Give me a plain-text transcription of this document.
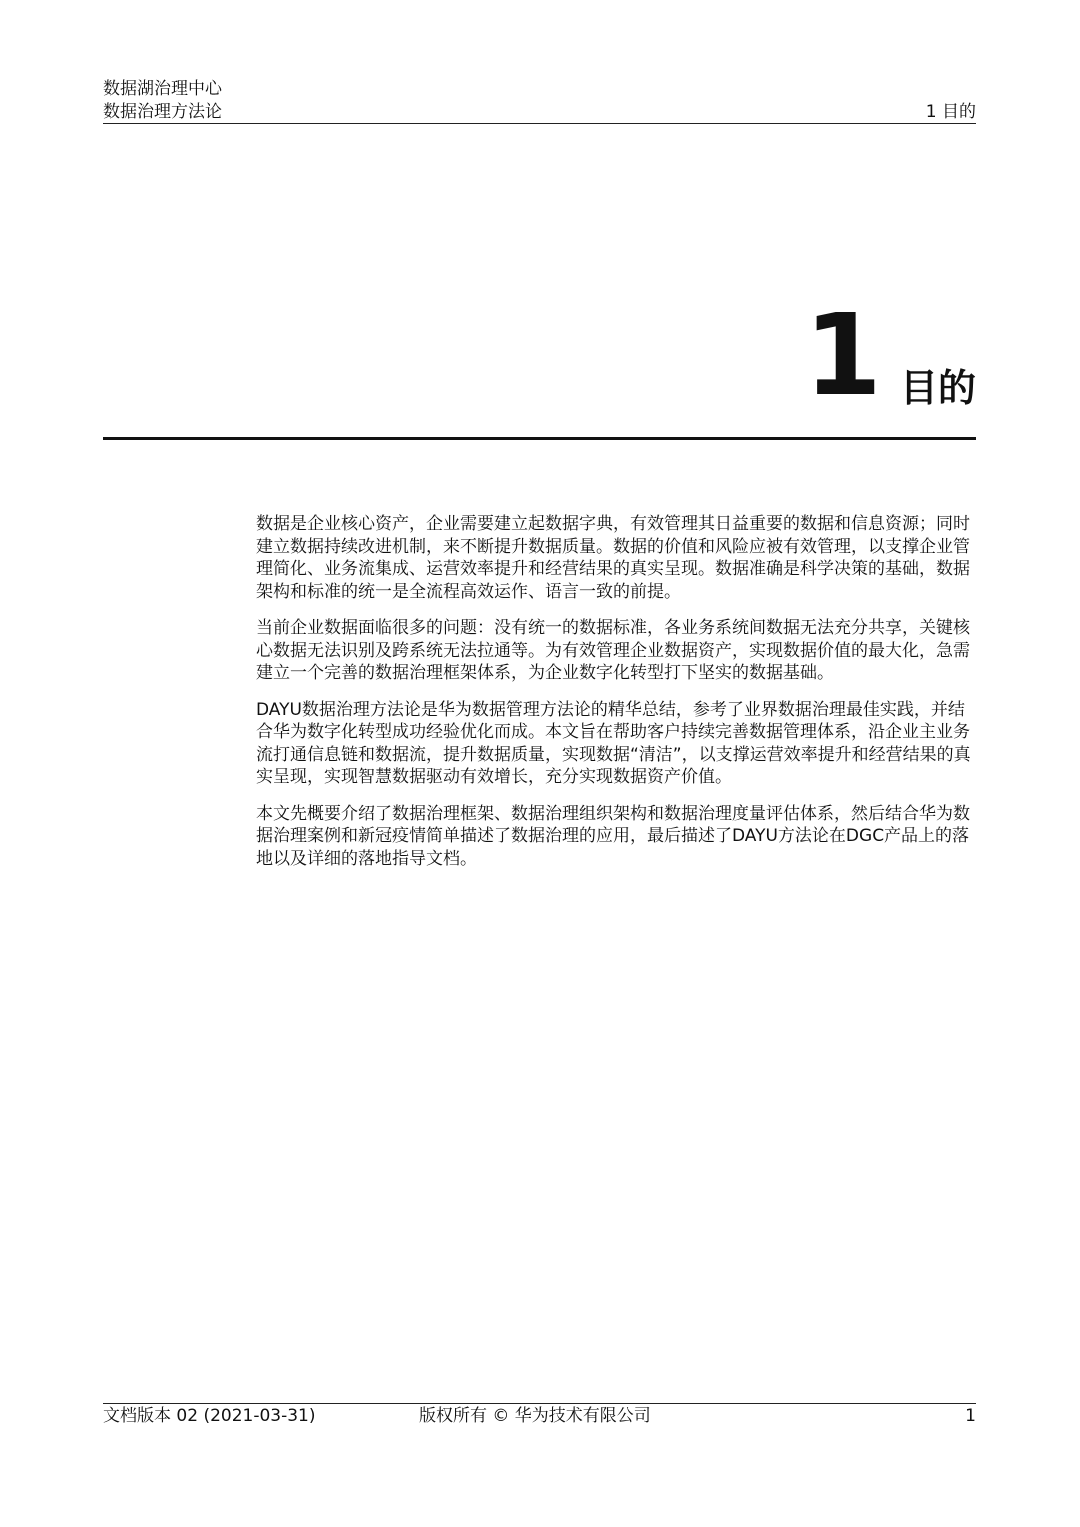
数据湖治理中心
数据治理方法论	1 目的
1 目的

数据是企业核心资产，企业需要建立起数据字典，有效管理其日益重要的数据和信息资源；同时建立数据持续改进机制，来不断提升数据质量。数据的价值和风险应被有效管理，以支撑企业管理简化、业务流集成、运营效率提升和经营结果的真实呈现。数据准确是科学决策的基础，数据架构和标准的统一是全流程高效运作、语言一致的前提。

当前企业数据面临很多的问题：没有统一的数据标准，各业务系统间数据无法充分共享，关键核心数据无法识别及跨系统无法拉通等。为有效管理企业数据资产，实现数据价值的最大化，急需建立一个完善的数据治理框架体系，为企业数字化转型打下坚实的数据基础。

DAYU数据治理方法论是华为数据管理方法论的精华总结，参考了业界数据治理最佳实践，并结合华为数字化转型成功经验优化而成。本文旨在帮助客户持续完善数据管理体系，沿企业主业务流打通信息链和数据流，提升数据质量，实现数据“清洁”，以支撑运营效率提升和经营结果的真实呈现，实现智慧数据驱动有效增长，充分实现数据资产价值。

本文先概要介绍了数据治理框架、数据治理组织架构和数据治理度量评估体系，然后结合华为数据治理案例和新冠疫情简单描述了数据治理的应用，最后描述了DAYU方法论在DGC产品上的落地以及详细的落地指导文档。

文档版本 02 (2021-03-31)	版权所有 © 华为技术有限公司	1
